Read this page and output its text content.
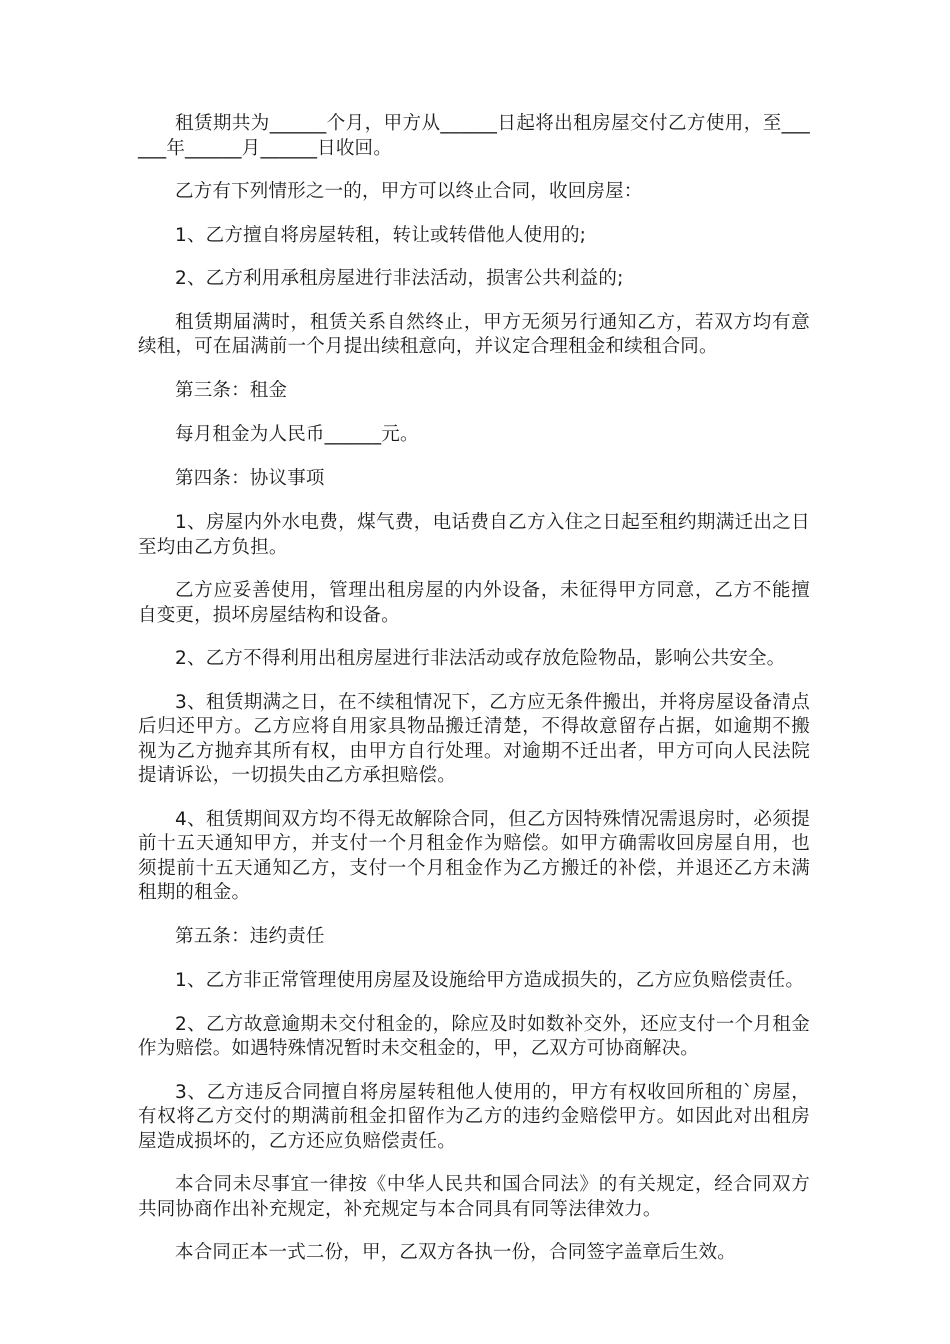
租赁期共为______个月，甲方从______日起将出租房屋交付乙方使用，至______年______月______日收回。

乙方有下列情形之一的，甲方可以终止合同，收回房屋：

1、乙方擅自将房屋转租，转让或转借他人使用的;

2、乙方利用承租房屋进行非法活动，损害公共利益的;

租赁期届满时，租赁关系自然终止，甲方无须另行通知乙方，若双方均有意续租，可在届满前一个月提出续租意向，并议定合理租金和续租合同。

第三条：租金

每月租金为人民币______元。

第四条：协议事项

1、房屋内外水电费，煤气费，电话费自乙方入住之日起至租约期满迁出之日至均由乙方负担。

乙方应妥善使用，管理出租房屋的内外设备，未征得甲方同意，乙方不能擅自变更，损坏房屋结构和设备。

2、乙方不得利用出租房屋进行非法活动或存放危险物品，影响公共安全。

3、租赁期满之日，在不续租情况下，乙方应无条件搬出，并将房屋设备清点后归还甲方。乙方应将自用家具物品搬迁清楚，不得故意留存占据，如逾期不搬视为乙方抛弃其所有权，由甲方自行处理。对逾期不迁出者，甲方可向人民法院提请诉讼，一切损失由乙方承担赔偿。

4、租赁期间双方均不得无故解除合同，但乙方因特殊情况需退房时，必须提前十五天通知甲方，并支付一个月租金作为赔偿。如甲方确需收回房屋自用，也须提前十五天通知乙方，支付一个月租金作为乙方搬迁的补偿，并退还乙方未满租期的租金。

第五条：违约责任

1、乙方非正常管理使用房屋及设施给甲方造成损失的，乙方应负赔偿责任。

2、乙方故意逾期未交付租金的，除应及时如数补交外，还应支付一个月租金作为赔偿。如遇特殊情况暂时未交租金的，甲，乙双方可协商解决。

3、乙方违反合同擅自将房屋转租他人使用的，甲方有权收回所租的`房屋，有权将乙方交付的期满前租金扣留作为乙方的违约金赔偿甲方。如因此对出租房屋造成损坏的，乙方还应负赔偿责任。

本合同未尽事宜一律按《中华人民共和国合同法》的有关规定，经合同双方共同协商作出补充规定，补充规定与本合同具有同等法律效力。

本合同正本一式二份，甲，乙双方各执一份，合同签字盖章后生效。
